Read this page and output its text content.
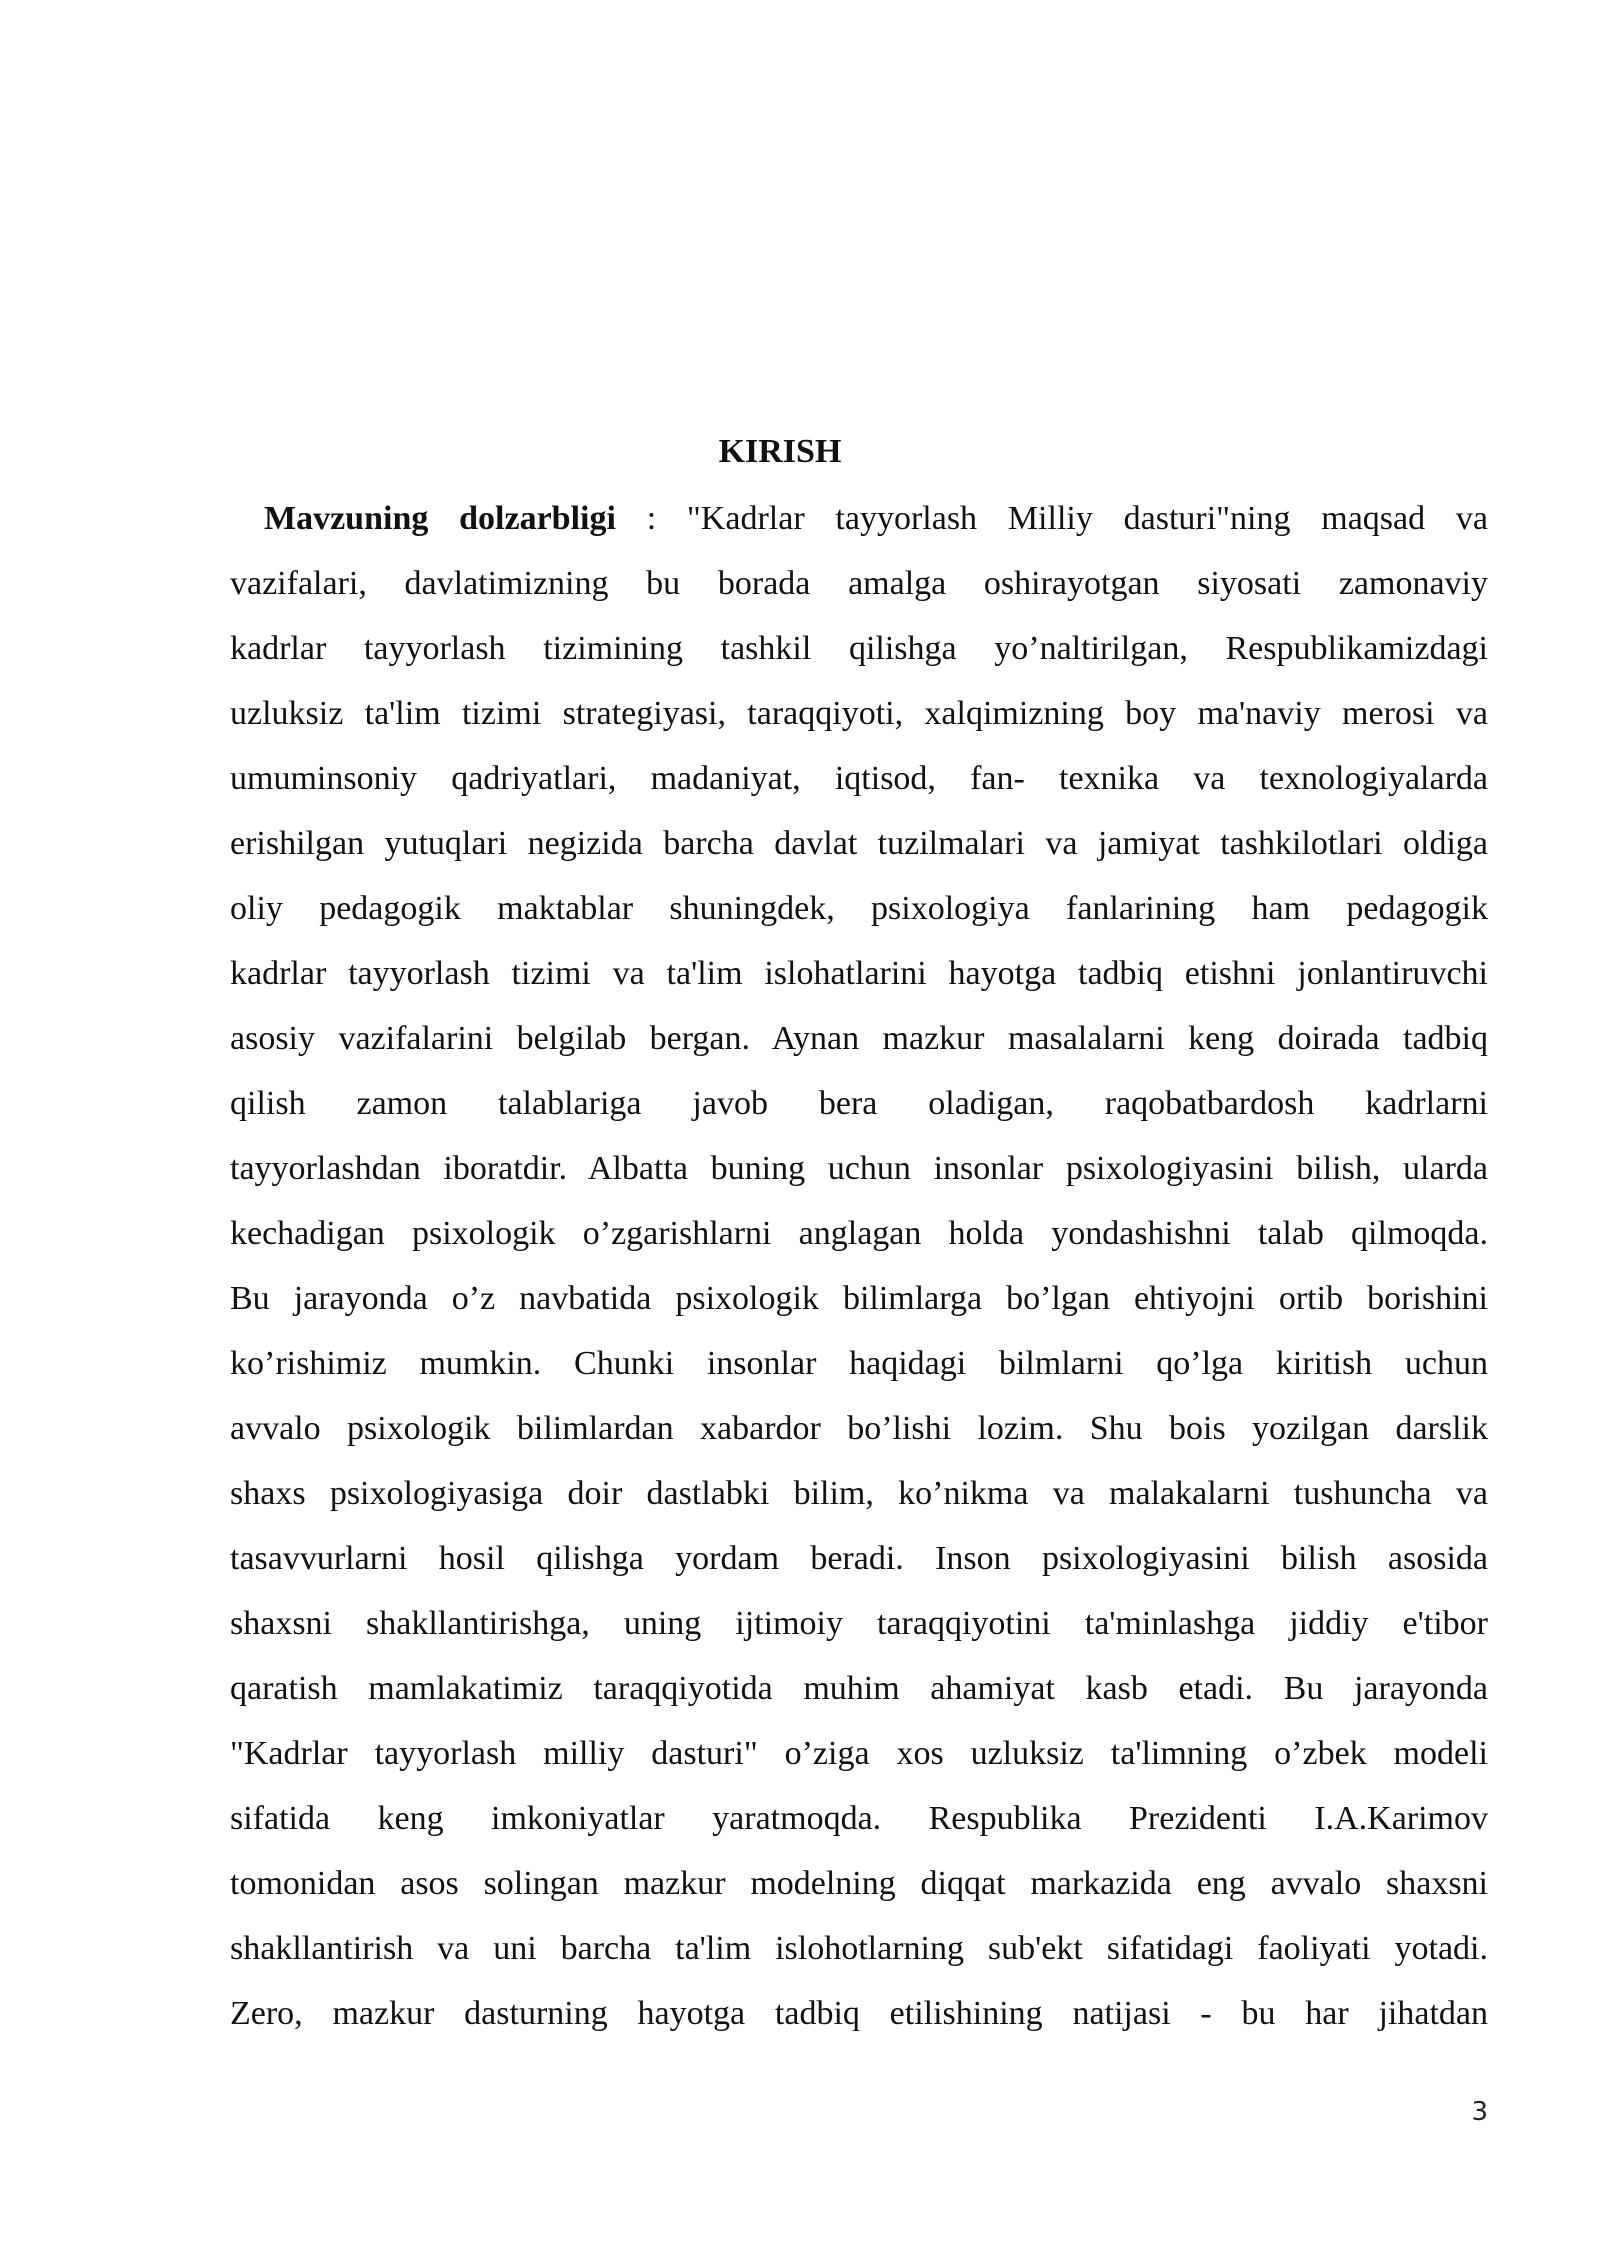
KIRISH
Mavzuning dolzarbligi : "Kadrlar tayyorlash Milliy dasturi"ning maqsad va
vazifalari, davlatimizning bu borada amalga oshirayotgan siyosati zamonaviy
kadrlar tayyorlash tizimining tashkil qilishga yo’naltirilgan, Respublikamizdagi
uzluksiz ta'lim tizimi strategiyasi, taraqqiyoti, xalqimizning boy ma'naviy merosi va
umuminsoniy qadriyatlari, madaniyat, iqtisod, fan- texnika va texnologiyalarda
erishilgan yutuqlari negizida barcha davlat tuzilmalari va jamiyat tashkilotlari oldiga
oliy pedagogik maktablar shuningdek, psixologiya fanlarining ham pedagogik
kadrlar tayyorlash tizimi va ta'lim islohatlarini hayotga tadbiq etishni jonlantiruvchi
asosiy vazifalarini belgilab bergan. Aynan mazkur masalalarni keng doirada tadbiq
qilish zamon talablariga javob bera oladigan, raqobatbardosh kadrlarni
tayyorlashdan iboratdir. Albatta buning uchun insonlar psixologiyasini bilish, ularda
kechadigan psixologik o’zgarishlarni anglagan holda yondashishni talab qilmoqda.
Bu jarayonda o’z navbatida psixologik bilimlarga bo’lgan ehtiyojni ortib borishini
ko’rishimiz mumkin. Chunki insonlar haqidagi bilmlarni qo’lga kiritish uchun
avvalo psixologik bilimlardan xabardor bo’lishi lozim. Shu bois yozilgan darslik
shaxs psixologiyasiga doir dastlabki bilim, ko’nikma va malakalarni tushuncha va
tasavvurlarni hosil qilishga yordam beradi. Inson psixologiyasini bilish asosida
shaxsni shakllantirishga, uning ijtimoiy taraqqiyotini ta'minlashga jiddiy e'tibor
qaratish mamlakatimiz taraqqiyotida muhim ahamiyat kasb etadi. Bu jarayonda
"Kadrlar tayyorlash milliy dasturi" o’ziga xos uzluksiz ta'limning o’zbek modeli
sifatida keng imkoniyatlar yaratmoqda. Respublika Prezidenti I.A.Karimov
tomonidan asos solingan mazkur modelning diqqat markazida eng avvalo shaxsni
shakllantirish va uni barcha ta'lim islohotlarning sub'ekt sifatidagi faoliyati yotadi.
Zero, mazkur dasturning hayotga tadbiq etilishining natijasi - bu har jihatdan
3
